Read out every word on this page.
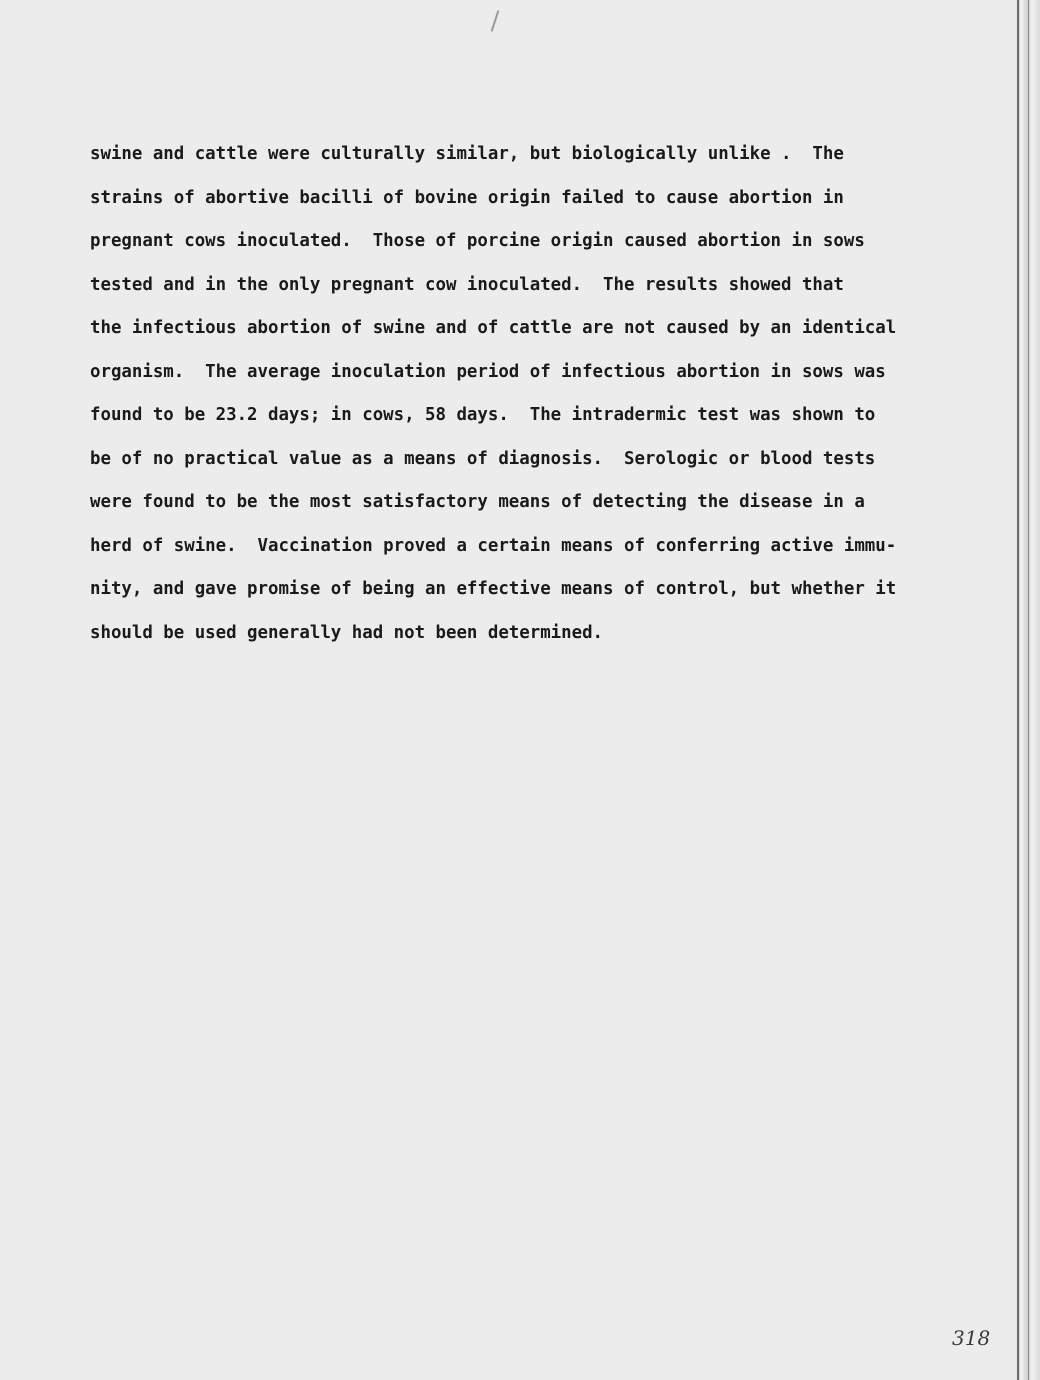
swine and cattle were culturally similar, but biologically unlike .  The
strains of abortive bacilli of bovine origin failed to cause abortion in
pregnant cows inoculated.  Those of porcine origin caused abortion in sows
tested and in the only pregnant cow inoculated.  The results showed that
the infectious abortion of swine and of cattle are not caused by an identical
organism.  The average inoculation period of infectious abortion in sows was
found to be 23.2 days; in cows, 58 days.  The intradermic test was shown to
be of no practical value as a means of diagnosis.  Serologic or blood tests
were found to be the most satisfactory means of detecting the disease in a
herd of swine.  Vaccination proved a certain means of conferring active immu-
nity, and gave promise of being an effective means of control, but whether it
should be used generally had not been determined.
318
